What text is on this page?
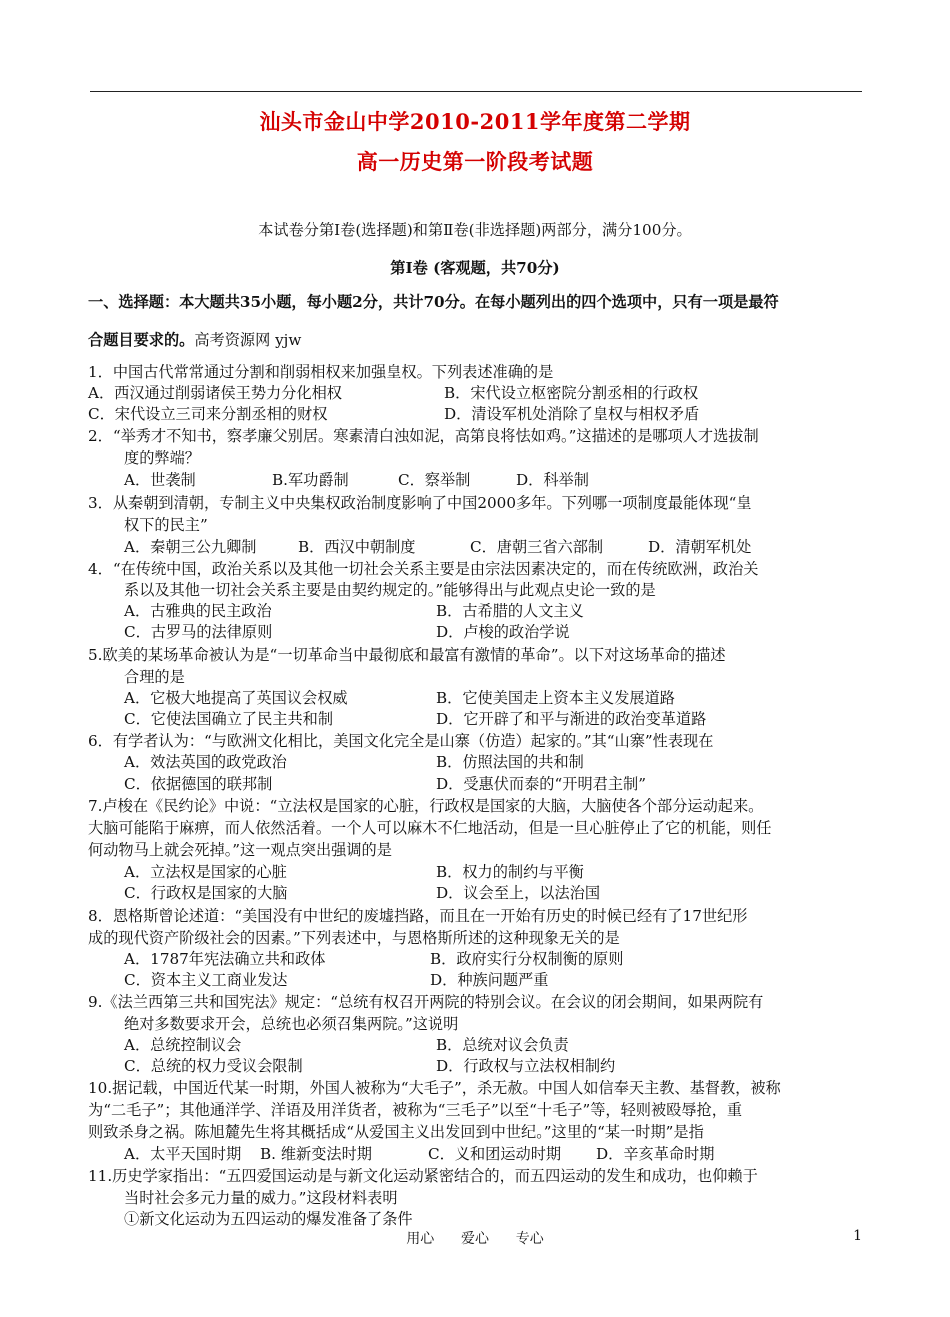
汕头市金山中学2010-2011学年度第二学期
高一历史第一阶段考试题
本试卷分第Ⅰ卷(选择题)和第Ⅱ卷(非选择题)两部分，满分100分。
第Ⅰ卷 (客观题，共70分)
一、选择题：本大题共35小题，每小题2分，共计70分。在每小题列出的四个选项中，只有一项是最符
合题目要求的。高考资源网 yjw
1．中国古代常常通过分割和削弱相权来加强皇权。下列表述准确的是
A．西汉通过削弱诸侯王势力分化相权	B．宋代设立枢密院分割丞相的行政权
C．宋代设立三司来分割丞相的财权	D．清设军机处消除了皇权与相权矛盾
2．“举秀才不知书，察孝廉父别居。寒素清白浊如泥，高第良将怯如鸡。”这描述的是哪项人才选拔制
度的弊端？
A．世袭制	B.军功爵制	C．察举制	D．科举制
3．从秦朝到清朝，专制主义中央集权政治制度影响了中国2000多年。下列哪一项制度最能体现“皇
权下的民主”
A．秦朝三公九卿制	B．西汉中朝制度	C．唐朝三省六部制	D．清朝军机处
4．“在传统中国，政治关系以及其他一切社会关系主要是由宗法因素决定的，而在传统欧洲，政治关
系以及其他一切社会关系主要是由契约规定的。”能够得出与此观点史论一致的是
A．古雅典的民主政治	B．古希腊的人文主义
C．古罗马的法律原则	D．卢梭的政治学说
5.欧美的某场革命被认为是“一切革命当中最彻底和最富有激情的革命”。以下对这场革命的描述
合理的是
A．它极大地提高了英国议会权威	B．它使美国走上资本主义发展道路
C．它使法国确立了民主共和制	D．它开辟了和平与渐进的政治变革道路
6．有学者认为：“与欧洲文化相比，美国文化完全是山寨（仿造）起家的。”其“山寨”性表现在
A．效法英国的政党政治	B．仿照法国的共和制
C．依据德国的联邦制	D．受惠伏而泰的“开明君主制”
7.卢梭在《民约论》中说：“立法权是国家的心脏，行政权是国家的大脑，大脑使各个部分运动起来。
大脑可能陷于麻痹，而人依然活着。一个人可以麻木不仁地活动，但是一旦心脏停止了它的机能，则任
何动物马上就会死掉。”这一观点突出强调的是
A．立法权是国家的心脏	B．权力的制约与平衡
C．行政权是国家的大脑	D．议会至上，以法治国
8．恩格斯曾论述道：“美国没有中世纪的废墟挡路，而且在一开始有历史的时候已经有了17世纪形
成的现代资产阶级社会的因素。”下列表述中，与恩格斯所述的这种现象无关的是
A．1787年宪法确立共和政体	B．政府实行分权制衡的原则
C．资本主义工商业发达	D．种族问题严重
9.《法兰西第三共和国宪法》规定：“总统有权召开两院的特别会议。在会议的闭会期间，如果两院有
绝对多数要求开会，总统也必须召集两院。”这说明
A．总统控制议会	B．总统对议会负责
C．总统的权力受议会限制	D．行政权与立法权相制约
10.据记载，中国近代某一时期，外国人被称为“大毛子”，杀无赦。中国人如信奉天主教、基督教，被称
为“二毛子”；其他通洋学、洋语及用洋货者，被称为“三毛子”以至“十毛子”等，轻则被殴辱抢，重
则致杀身之祸。陈旭麓先生将其概括成“从爱国主义出发回到中世纪。”这里的“某一时期”是指
A．太平天国时期 B. 维新变法时期	C．义和团运动时期 D．辛亥革命时期
11.历史学家指出：“五四爱国运动是与新文化运动紧密结合的，而五四运动的发生和成功，也仰赖于
当时社会多元力量的威力。”这段材料表明
①新文化运动为五四运动的爆发准备了条件
用心      爱心      专心	1
